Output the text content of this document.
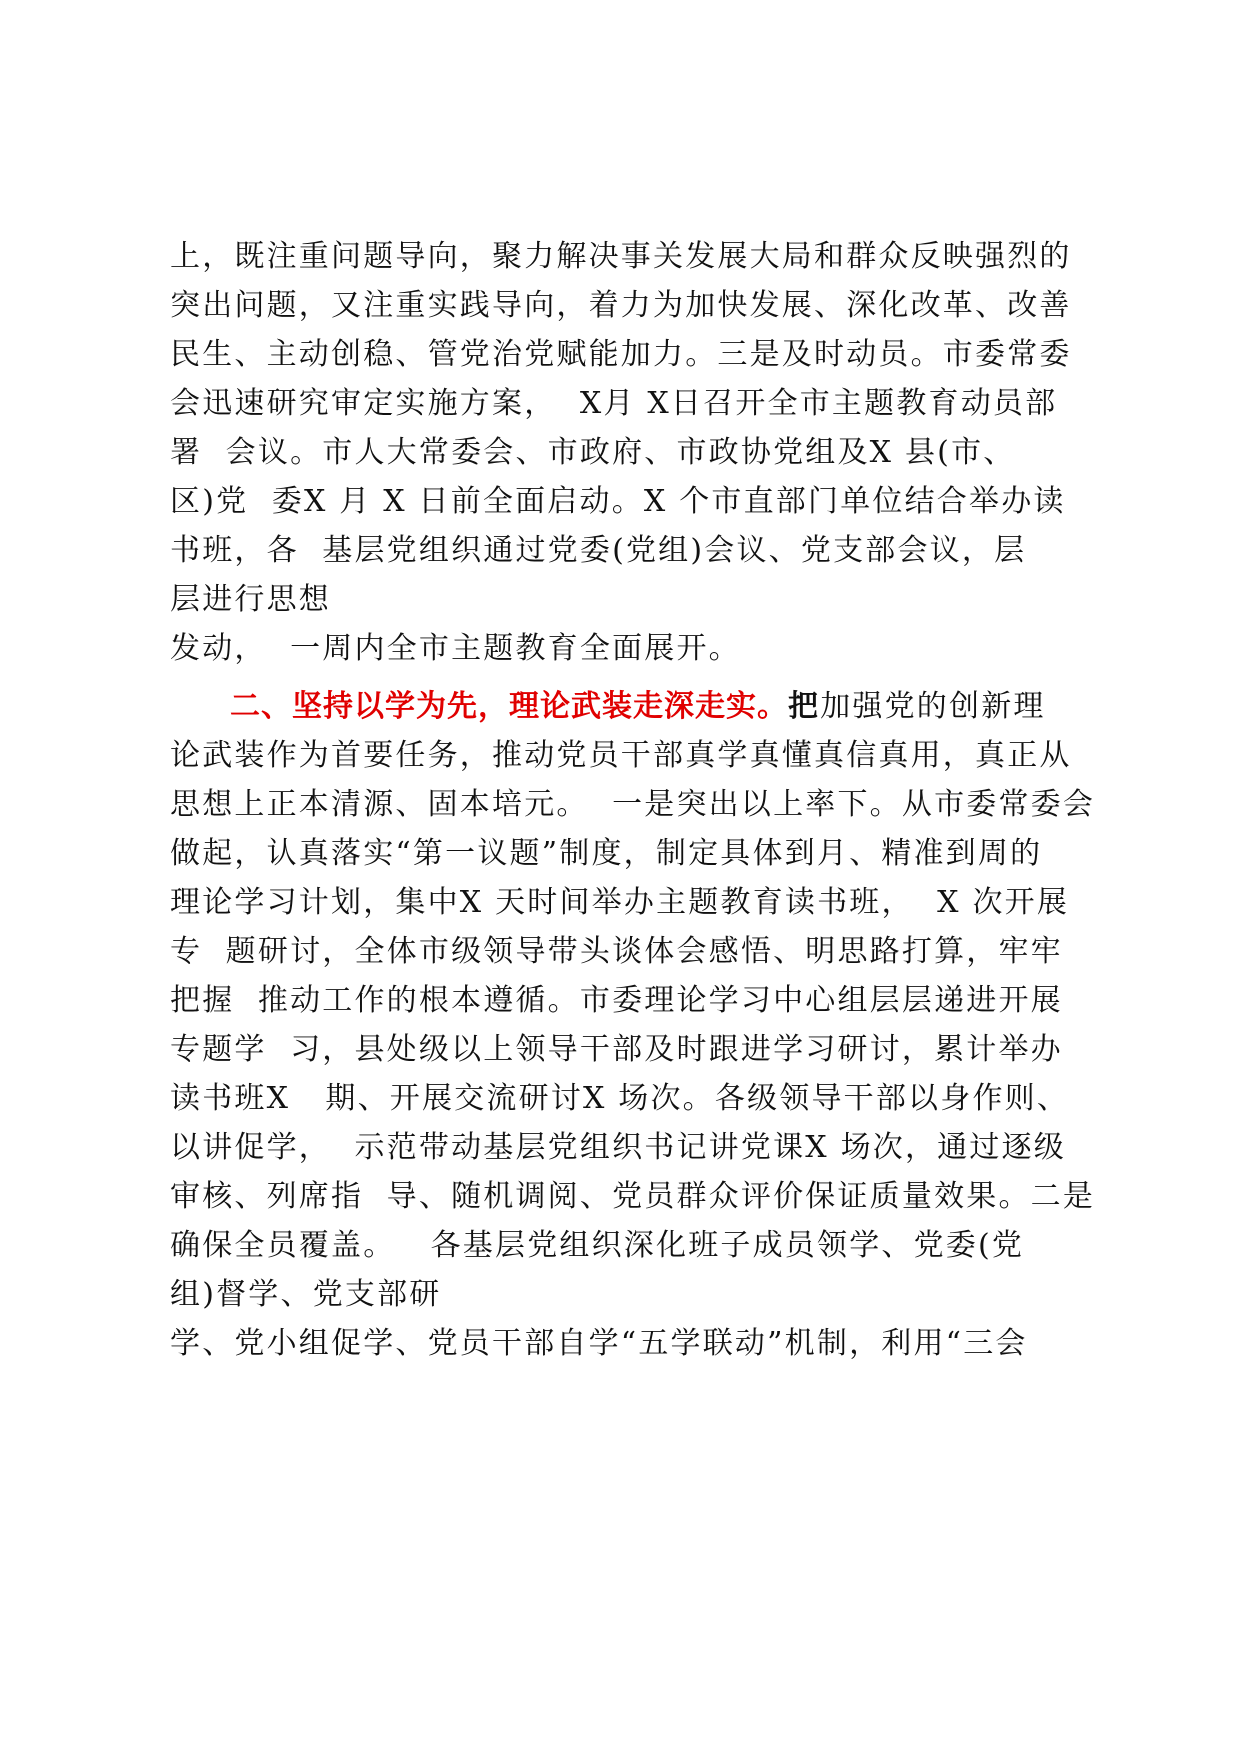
上，既注重问题导向，聚力解决事关发展大局和群众反映强烈的
突出问题，又注重实践导向，着力为加快发展、深化改革、改善
民生、主动创稳、管党治党赋能加力。三是及时动员。市委常委
会迅速研究审定实施方案，  X月 X日召开全市主题教育动员部
署  会议。市人大常委会、市政府、市政协党组及X 县(市、
区)党  委X 月 X 日前全面启动。X 个市直部门单位结合举办读
书班，各  基层党组织通过党委(党组)会议、党支部会议，层
层进行思想
发动，  一周内全市主题教育全面展开。
二、坚持以学为先，理论武装走深走实。把加强党的创新理
论武装作为首要任务，推动党员干部真学真懂真信真用，真正从
思想上正本清源、固本培元。  一是突出以上率下。从市委常委会
做起，认真落实“第一议题”制度，制定具体到月、精准到周的
理论学习计划，集中X 天时间举办主题教育读书班，  X 次开展
专  题研讨，全体市级领导带头谈体会感悟、明思路打算，牢牢
把握  推动工作的根本遵循。市委理论学习中心组层层递进开展
专题学  习，县处级以上领导干部及时跟进学习研讨，累计举办
读书班X   期、开展交流研讨X 场次。各级领导干部以身作则、
以讲促学，  示范带动基层党组织书记讲党课X 场次，通过逐级
审核、列席指  导、随机调阅、党员群众评价保证质量效果。二是
确保全员覆盖。   各基层党组织深化班子成员领学、党委(党
组)督学、党支部研
学、党小组促学、党员干部自学“五学联动”机制，利用“三会
